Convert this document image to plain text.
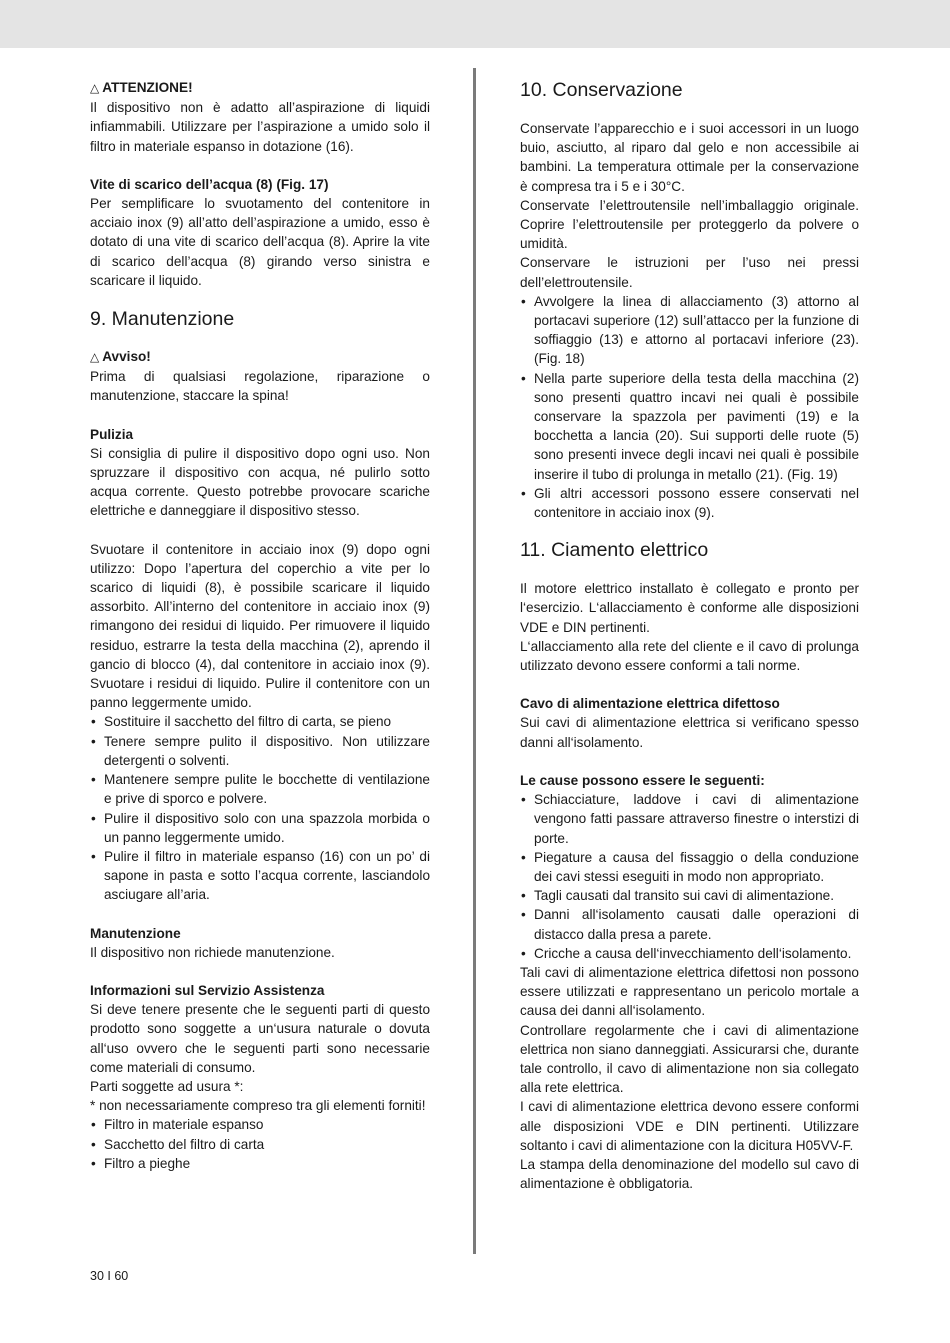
△ ATTENZIONE!

Il dispositivo non è adatto all’aspirazione di liquidi infiammabili. Utilizzare per l’aspirazione a umido solo il filtro in materiale espanso in dotazione (16).

Vite di scarico dell’acqua (8) (Fig. 17)

Per semplificare lo svuotamento del contenitore in acciaio inox (9) all’atto dell’aspirazione a umido, esso è dotato di una vite di scarico dell’acqua (8). Aprire la vite di scarico dell’acqua (8) girando verso sinistra e scaricare il liquido.

9. Manutenzione

△ Avviso!

Prima di qualsiasi regolazione, riparazione o manutenzione, staccare la spina!

Pulizia

Si consiglia di pulire il dispositivo dopo ogni uso. Non spruzzare il dispositivo con acqua, né pulirlo sotto acqua corrente. Questo potrebbe provocare scariche elettriche e danneggiare il dispositivo stesso.

Svuotare il contenitore in acciaio inox (9) dopo ogni utilizzo: Dopo l’apertura del coperchio a vite per lo scarico di liquidi (8), è possibile scaricare il liquido assorbito. All’interno del contenitore in acciaio inox (9) rimangono dei residui di liquido. Per rimuovere il liquido residuo, estrarre la testa della macchina (2), aprendo il gancio di blocco (4), dal contenitore in acciaio inox (9). Svuotare i residui di liquido. Pulire il contenitore con un panno leggermente umido.

• Sostituire il sacchetto del filtro di carta, se pieno
• Tenere sempre pulito il dispositivo. Non utilizzare detergenti o solventi.
• Mantenere sempre pulite le bocchette di ventilazione e prive di sporco e polvere.
• Pulire il dispositivo solo con una spazzola morbida o un panno leggermente umido.
• Pulire il filtro in materiale espanso (16) con un po’ di sapone in pasta e sotto l’acqua corrente, lasciandolo asciugare all’aria.

Manutenzione

Il dispositivo non richiede manutenzione.

Informazioni sul Servizio Assistenza

Si deve tenere presente che le seguenti parti di questo prodotto sono soggette a un‘usura naturale o dovuta all‘uso ovvero che le seguenti parti sono necessarie come materiali di consumo.

Parti soggette ad usura *:

* non necessariamente compreso tra gli elementi forniti!

• Filtro in materiale espanso
• Sacchetto del filtro di carta
• Filtro a pieghe
10. Conservazione

Conservate l’apparecchio e i suoi accessori in un luogo buio, asciutto, al riparo dal gelo e non accessibile ai bambini. La temperatura ottimale per la conservazione è compresa tra i 5 e i 30°C.

Conservate l’elettroutensile nell’imballaggio originale. Coprire l’elettroutensile per proteggerlo da polvere o umidità.

Conservare le istruzioni per l’uso nei pressi dell’elettroutensile.

• Avvolgere la linea di allacciamento (3) attorno al portacavi superiore (12) sull’attacco per la funzione di soffiaggio (13) e attorno al portacavi inferiore (23). (Fig. 18)
• Nella parte superiore della testa della macchina (2) sono presenti quattro incavi nei quali è possibile conservare la spazzola per pavimenti (19) e la bocchetta a lancia (20). Sui supporti delle ruote (5) sono presenti invece degli incavi nei quali è possibile inserire il tubo di prolunga in metallo (21). (Fig. 19)
• Gli altri accessori possono essere conservati nel contenitore in acciaio inox (9).
11. Ciamento elettrico

Il motore elettrico installato è collegato e pronto per l‘esercizio. L‘allacciamento è conforme alle disposizioni VDE e DIN pertinenti.

L‘allacciamento alla rete del cliente e il cavo di prolunga utilizzato devono essere conformi a tali norme.

Cavo di alimentazione elettrica difettoso

Sui cavi di alimentazione elettrica si verificano spesso danni all‘isolamento.

Le cause possono essere le seguenti:

• Schiacciature, laddove i cavi di alimentazione vengono fatti passare attraverso finestre o interstizi di porte.
• Piegature a causa del fissaggio o della conduzione dei cavi stessi eseguiti in modo non appropriato.
• Tagli causati dal transito sui cavi di alimentazione.
• Danni all‘isolamento causati dalle operazioni di distacco dalla presa a parete.
• Cricche a causa dell‘invecchiamento dell‘isolamento.

Tali cavi di alimentazione elettrica difettosi non possono essere utilizzati e rappresentano un pericolo mortale a causa dei danni all‘isolamento.

Controllare regolarmente che i cavi di alimentazione elettrica non siano danneggiati. Assicurarsi che, durante tale controllo, il cavo di alimentazione non sia collegato alla rete elettrica.

I cavi di alimentazione elettrica devono essere conformi alle disposizioni VDE e DIN pertinenti. Utilizzare soltanto i cavi di alimentazione con la dicitura H05VV-F.

La stampa della denominazione del modello sul cavo di alimentazione è obbligatoria.

30 I 60
